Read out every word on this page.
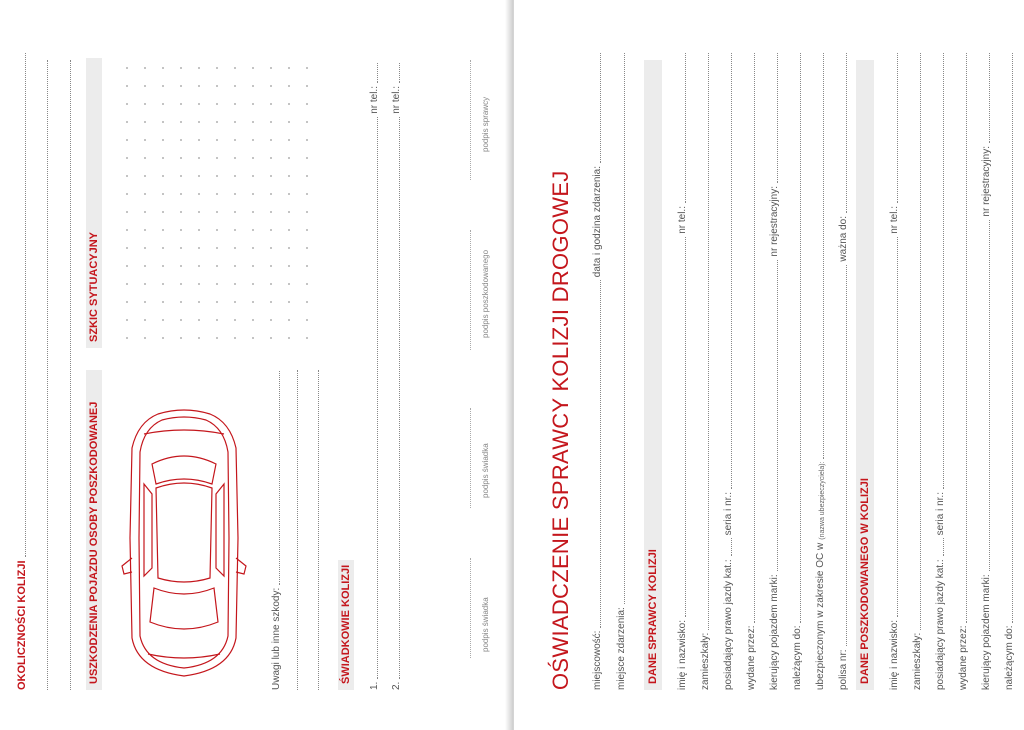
OKOLICZNOŚCI KOLIZJI	USZKODZENIA POJAZDU OSOBY POSZKODOWANEJ
SZKIC SYTUACYJNY
Uwagi lub inne szkody:	ŚWIADKOWIE KOLIZJI
1.
nr tel.:
2.
nr tel.:
podpis świadka
podpis świadka
podpis poszkodowanego
podpis sprawcy
OŚWIADCZENIE SPRAWCY KOLIZJI DROGOWEJ	miejscowość:
data i godzina zdarzenia:
miejsce zdarzenia: DANE SPRAWCY KOLIZJI imię i nazwisko:
nr tel.:
zamieszkały: posiadający prawo jazdy kat.:
seria i nr.:
wydane przez: kierujący pojazdem marki:
nr rejestracyjny:
należącym do: ubezpieczonym w zakresie OC w
(nazwa ubezpieczyciela):
polisa nr:
ważna do:
DANE POSZKODOWANEGO W KOLIZJI imię i nazwisko:
nr tel.:
zamieszkały: posiadający prawo jazdy kat.:
seria i nr.:
wydane przez: kierujący pojazdem marki:
nr rejestracyjny:
należącym do:
